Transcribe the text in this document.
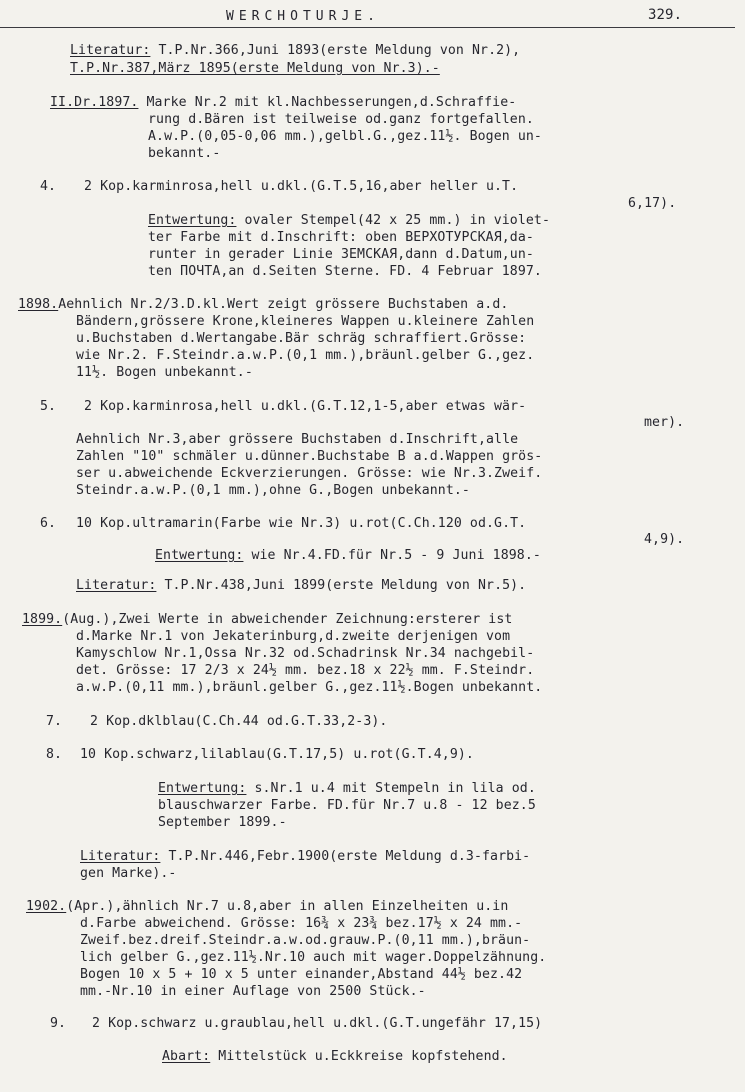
WERCHOTURJE.	329.
Literatur: T.P.Nr.366,Juni 1893(erste Meldung von Nr.2),
T.P.Nr.387,März 1895(erste Meldung von Nr.3).-
II.Dr.1897. Marke Nr.2 mit kl.Nachbesserungen,d.Schraffie-
rung d.Bären ist teilweise od.ganz fortgefallen.
A.w.P.(0,05-0,06 mm.),gelbl.G.,gez.11½. Bogen un-
bekannt.-
4. 2 Kop.karminrosa,hell u.dkl.(G.T.5,16,aber heller u.T.
6,17).
Entwertung: ovaler Stempel(42 x 25 mm.) in violet-
ter Farbe mit d.Inschrift: oben ВЕРХОТУРСКАЯ,da-
runter in gerader Linie ЗЕМСКАЯ,dann d.Datum,un-
ten ПОЧТА,an d.Seiten Sterne. FD. 4 Februar 1897.
1898.Aehnlich Nr.2/3.D.kl.Wert zeigt grössere Buchstaben a.d.
Bändern,grössere Krone,kleineres Wappen u.kleinere Zahlen
u.Buchstaben d.Wertangabe.Bär schräg schraffiert.Grösse:
wie Nr.2. F.Steindr.a.w.P.(0,1 mm.),bräunl.gelber G.,gez.
11½. Bogen unbekannt.-
5. 2 Kop.karminrosa,hell u.dkl.(G.T.12,1-5,aber etwas wär-
mer).
Aehnlich Nr.3,aber grössere Buchstaben d.Inschrift,alle
Zahlen "10" schmäler u.dünner.Buchstabe B a.d.Wappen grös-
ser u.abweichende Eckverzierungen. Grösse: wie Nr.3.Zweif.
Steindr.a.w.P.(0,1 mm.),ohne G.,Bogen unbekannt.-
6. 10 Kop.ultramarin(Farbe wie Nr.3) u.rot(C.Ch.120 od.G.T.
4,9).
Entwertung: wie Nr.4.FD.für Nr.5 - 9 Juni 1898.-
Literatur: T.P.Nr.438,Juni 1899(erste Meldung von Nr.5).
1899.(Aug.),Zwei Werte in abweichender Zeichnung:ersterer ist
d.Marke Nr.1 von Jekaterinburg,d.zweite derjenigen vom
Kamyschlow Nr.1,Ossa Nr.32 od.Schadrinsk Nr.34 nachgebil-
det. Grösse: 17 2/3 x 24½ mm. bez.18 x 22½ mm. F.Steindr.
a.w.P.(0,11 mm.),bräunl.gelber G.,gez.11½.Bogen unbekannt.
7. 2 Kop.dklblau(C.Ch.44 od.G.T.33,2-3).
8. 10 Kop.schwarz,lilablau(G.T.17,5) u.rot(G.T.4,9).
Entwertung: s.Nr.1 u.4 mit Stempeln in lila od.
blauschwarzer Farbe. FD.für Nr.7 u.8 - 12 bez.5
September 1899.-
Literatur: T.P.Nr.446,Febr.1900(erste Meldung d.3-farbi-
gen Marke).-
1902.(Apr.),ähnlich Nr.7 u.8,aber in allen Einzelheiten u.in
d.Farbe abweichend. Grösse: 16¾ x 23¾ bez.17½ x 24 mm.-
Zweif.bez.dreif.Steindr.a.w.od.grauw.P.(0,11 mm.),bräun-
lich gelber G.,gez.11½.Nr.10 auch mit wager.Doppelzähnung.
Bogen 10 x 5 + 10 x 5 unter einander,Abstand 44½ bez.42
mm.-Nr.10 in einer Auflage von 2500 Stück.-
9. 2 Kop.schwarz u.graublau,hell u.dkl.(G.T.ungefähr 17,15)
Abart: Mittelstück u.Eckkreise kopfstehend.
